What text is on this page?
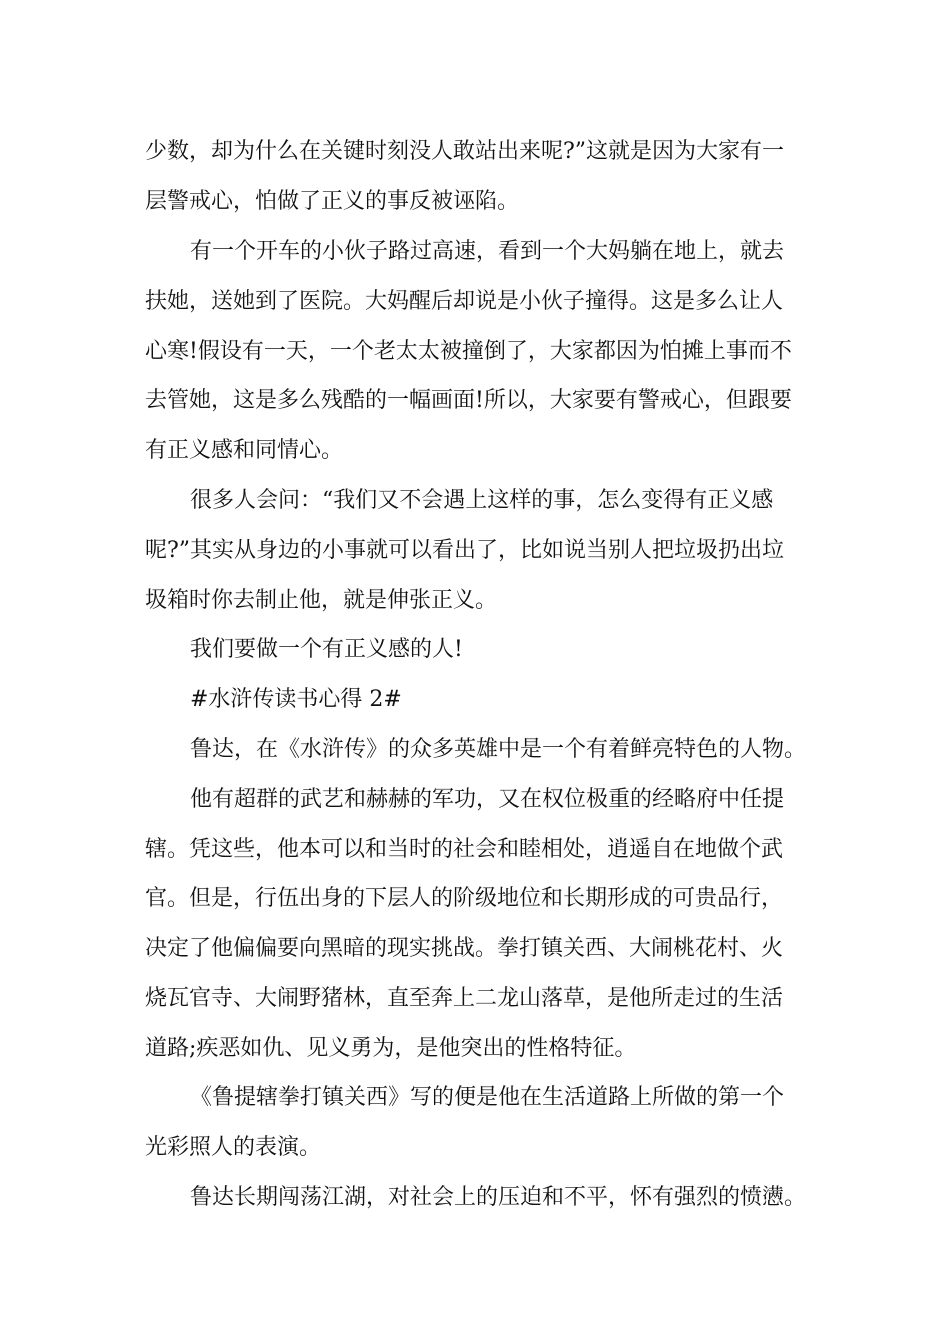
少数，却为什么在关键时刻没人敢站出来呢?”这就是因为大家有一
层警戒心，怕做了正义的事反被诬陷。
有一个开车的小伙子路过高速，看到一个大妈躺在地上，就去
扶她，送她到了医院。大妈醒后却说是小伙子撞得。这是多么让人
心寒!假设有一天，一个老太太被撞倒了，大家都因为怕摊上事而不
去管她，这是多么残酷的一幅画面!所以，大家要有警戒心，但跟要
有正义感和同情心。
很多人会问：“我们又不会遇上这样的事，怎么变得有正义感
呢?”其实从身边的小事就可以看出了，比如说当别人把垃圾扔出垃
圾箱时你去制止他，就是伸张正义。
我们要做一个有正义感的人!
#水浒传读书心得 2#
鲁达，在《水浒传》的众多英雄中是一个有着鲜亮特色的人物。
他有超群的武艺和赫赫的军功，又在权位极重的经略府中任提
辖。凭这些，他本可以和当时的社会和睦相处，逍遥自在地做个武
官。但是，行伍出身的下层人的阶级地位和长期形成的可贵品行，
决定了他偏偏要向黑暗的现实挑战。拳打镇关西、大闹桃花村、火
烧瓦官寺、大闹野猪林，直至奔上二龙山落草，是他所走过的生活
道路;疾恶如仇、见义勇为，是他突出的性格特征。
《鲁提辖拳打镇关西》写的便是他在生活道路上所做的第一个
光彩照人的表演。
鲁达长期闯荡江湖，对社会上的压迫和不平，怀有强烈的愤懑。
